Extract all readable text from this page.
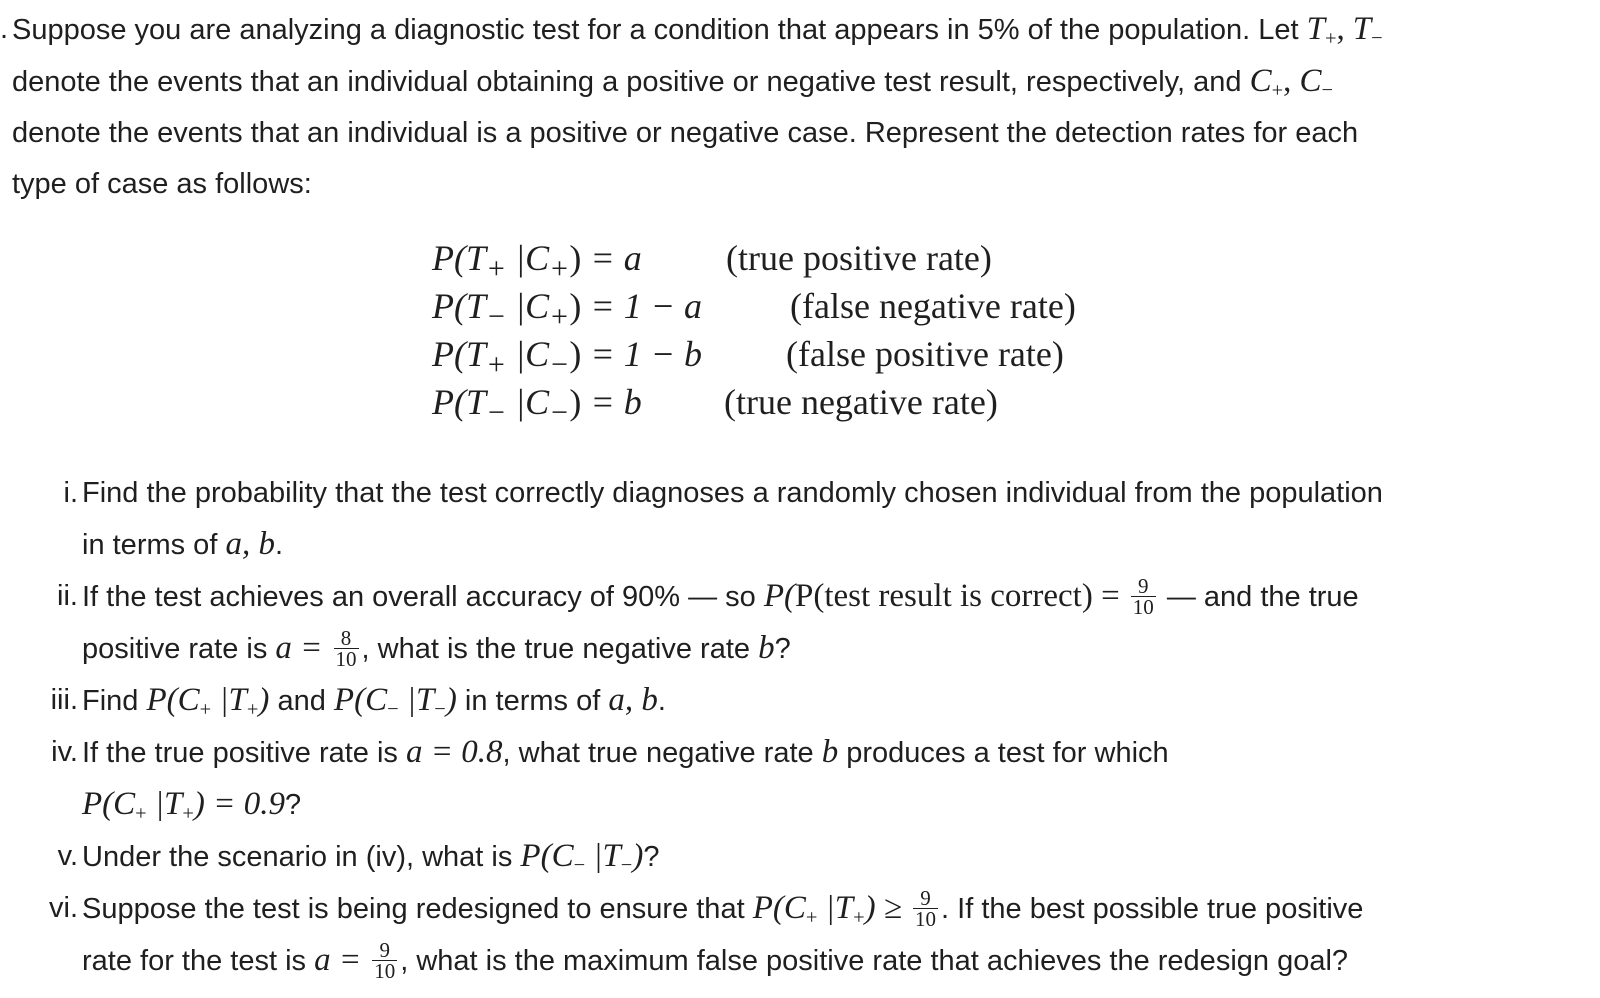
. Suppose you are analyzing a diagnostic test for a condition that appears in 5% of the population. Let $T_+$, $T_-$
denote the events that an individual obtaining a positive or negative test result, respectively, and $C_+$, $C_-$
denote the events that an individual is a positive or negative case. Represent the detection rates for each
type of case as follows:
$P(T_+$ $|C_+) = a$ (true positive rate)
$P(T_-$ $|C_+) = 1 - a$ (false negative rate)
$P(T_+$ $|C_-) = 1 - b$ (false positive rate)
$P(T_-$ $|C_-) = b$ (true negative rate)
i. Find the probability that the test correctly diagnoses a randomly chosen individual from the population
in terms of a, b.
ii. If the test achieves an overall accuracy of 90% — so P(P(test result is correct) = $\frac{9}{10}$ — and the true
positive rate is $a = \frac{8}{10}$ , what is the true negative rate b?
iii. Find $P(C_+$ $|T_+$) and $P(C_-$ $|T_-$) in terms of a, b.
iv. If the true positive rate is a = 0.8, what true negative rate b produces a test for which
$P(C_+$ $|T_+) = 0.9$?
v. Under the scenario in (iv), what is $P(C_-$ $|T_-$)?
vi. Suppose the test is being redesigned to ensure that $P(C_+$ $|T_+) \ge \frac{9}{10}$ . If the best possible true positive
rate for the test is $a = \frac{9}{10}$ , what is the maximum false positive rate that achieves the redesign goal?
